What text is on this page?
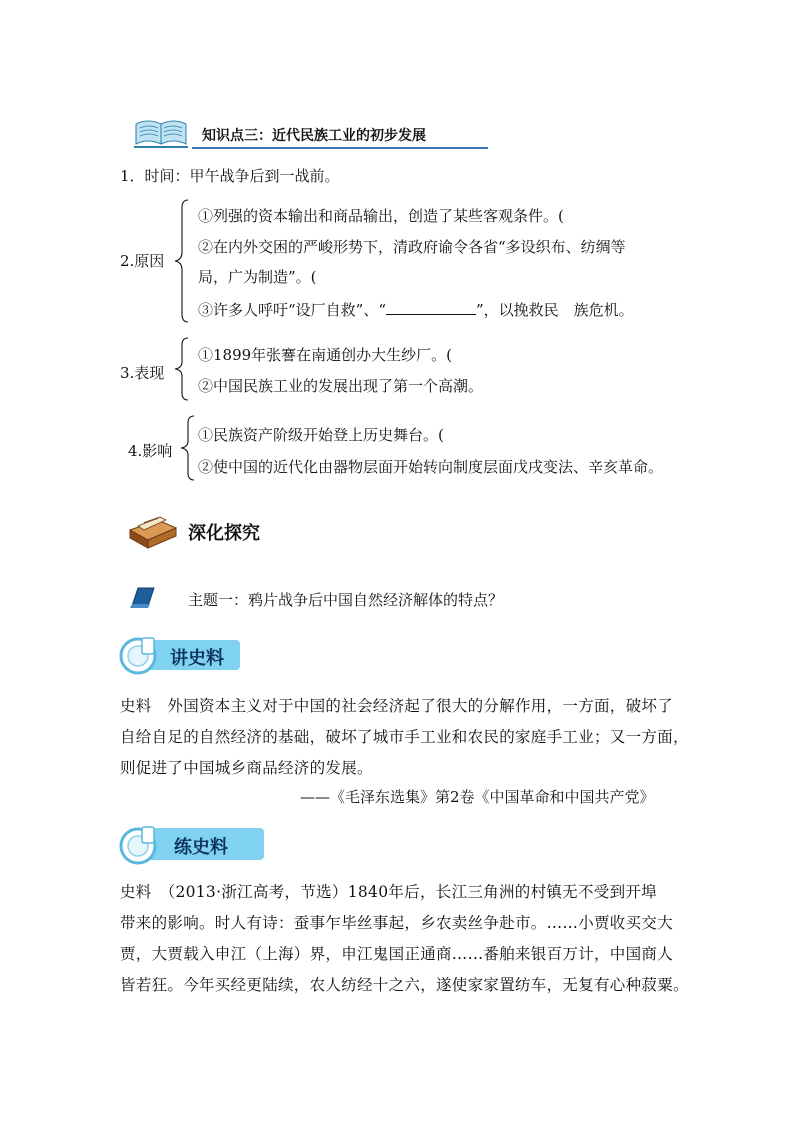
知识点三：近代民族工业的初步发展
1．时间：甲午战争后到一战前。
2.原因
①列强的资本输出和商品输出，创造了某些客观条件。(
②在内外交困的严峻形势下，清政府谕令各省“多设织布、纺绸等
局，广为制造”。(
③许多人呼吁“设厂自救”、“	”，以挽救民　族危机。
3.表现
①1899年张謇在南通创办大生纱厂。(
②中国民族工业的发展出现了第一个高潮。
4.影响
①民族资产阶级开始登上历史舞台。(
②使中国的近代化由器物层面开始转向制度层面戊戌变法、辛亥革命。
深化探究
主题一：鸦片战争后中国自然经济解体的特点？
讲史料
史料　外国资本主义对于中国的社会经济起了很大的分解作用，一方面，破坏了
自给自足的自然经济的基础，破坏了城市手工业和农民的家庭手工业；又一方面，
则促进了中国城乡商品经济的发展。
——《毛泽东选集》第2卷《中国革命和中国共产党》
练史料
史料　（2013·浙江高考，节选）1840年后，长江三角洲的村镇无不受到开埠
带来的影响。时人有诗：蚕事乍毕丝事起，乡农卖丝争赴市。……小贾收买交大
贾，大贾载入申江（上海）界，申江鬼国正通商……番舶来银百万计，中国商人
皆若狂。今年买经更陆续，农人纺经十之六，遂使家家置纺车，无复有心种菽粟。
